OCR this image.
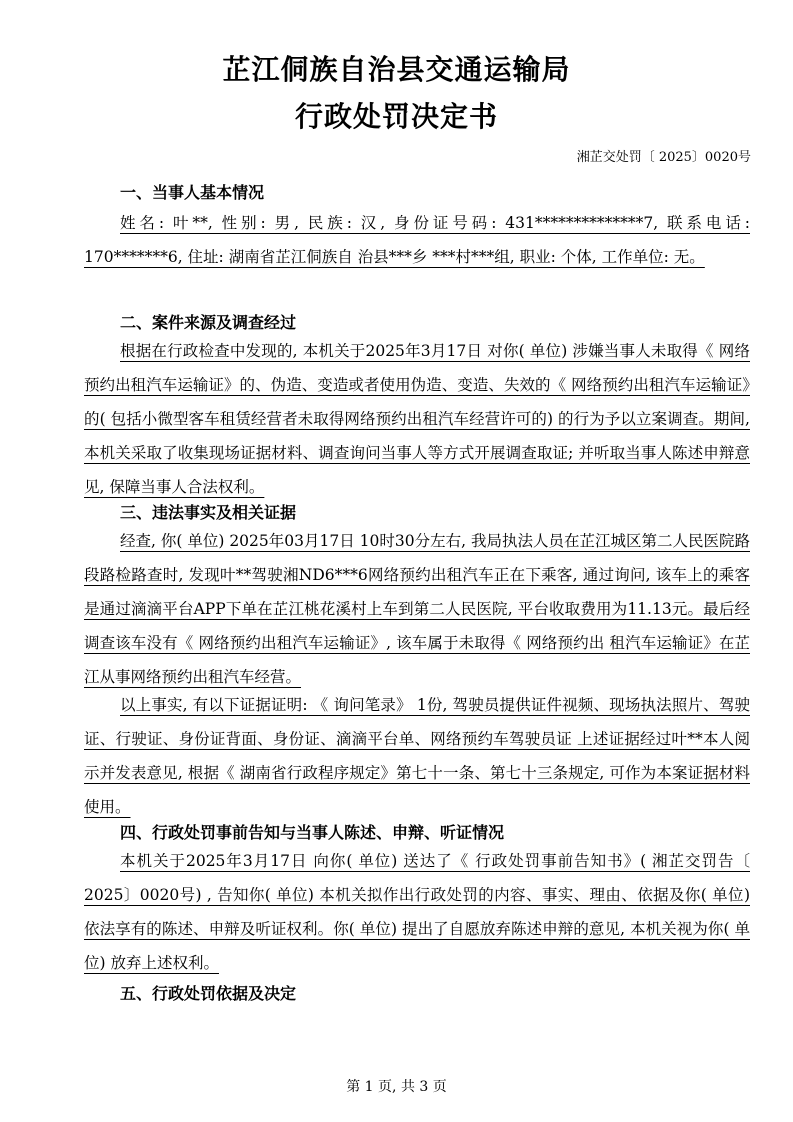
芷江侗族自治县交通运输局
行政处罚决定书
湘芷交处罚〔 2025〕0020号
一、当事人基本情况

姓名: 叶**, 性别: 男, 民族: 汉, 身份证号码: 431**************7, 联系电话: 170*******6, 住址: 湖南省芷江侗族自 治县***乡 ***村***组, 职业: 个体, 工作单位: 无。

二、案件来源及调查经过

根据在行政检查中发现的, 本机关于2025年3月17日 对你( 单位) 涉嫌当事人未取得《 网络预约出租汽车运输证》的、伪造、变造或者使用伪造、变造、失效的《 网络预约出租汽车运输证》的( 包括小微型客车租赁经营者未取得网络预约出租汽车经营许可的) 的行为予以立案调查。期间, 本机关采取了收集现场证据材料、调查询问当事人等方式开展调查取证; 并听取当事人陈述申辩意见, 保障当事人合法权利。

三、违法事实及相关证据

经查, 你( 单位) 2025年03月17日 10时30分左右, 我局执法人员在芷江城区第二人民医院路段路检路查时, 发现叶**驾驶湘ND6***6网络预约出租汽车正在下乘客, 通过询问, 该车上的乘客是通过滴滴平台APP下单在芷江桃花溪村上车到第二人民医院, 平台收取费用为11.13元。最后经调查该车没有《 网络预约出租汽车运输证》, 该车属于未取得《 网络预约出 租汽车运输证》在芷江从事网络预约出租汽车经营。

以上事实, 有以下证据证明: 《 询问笔录》 1份, 驾驶员提供证件视频、现场执法照片、驾驶证、行驶证、身份证背面、身份证、滴滴平台单、网络预约车驾驶员证 上述证据经过叶**本人阅示并发表意见, 根据《 湖南省行政程序规定》第七十一条、第七十三条规定, 可作为本案证据材料使用。

四、行政处罚事前告知与当事人陈述、申辩、听证情况

本机关于2025年3月17日 向你( 单位) 送达了《 行政处罚事前告知书》( 湘芷交罚告〔 2025〕0020号) , 告知你( 单位) 本机关拟作出行政处罚的内容、事实、理由、依据及你( 单位) 依法享有的陈述、申辩及听证权利。你( 单位) 提出了自愿放弃陈述申辩的意见, 本机关视为你( 单位) 放弃上述权利。

五、行政处罚依据及决定
第 1 页, 共 3 页
